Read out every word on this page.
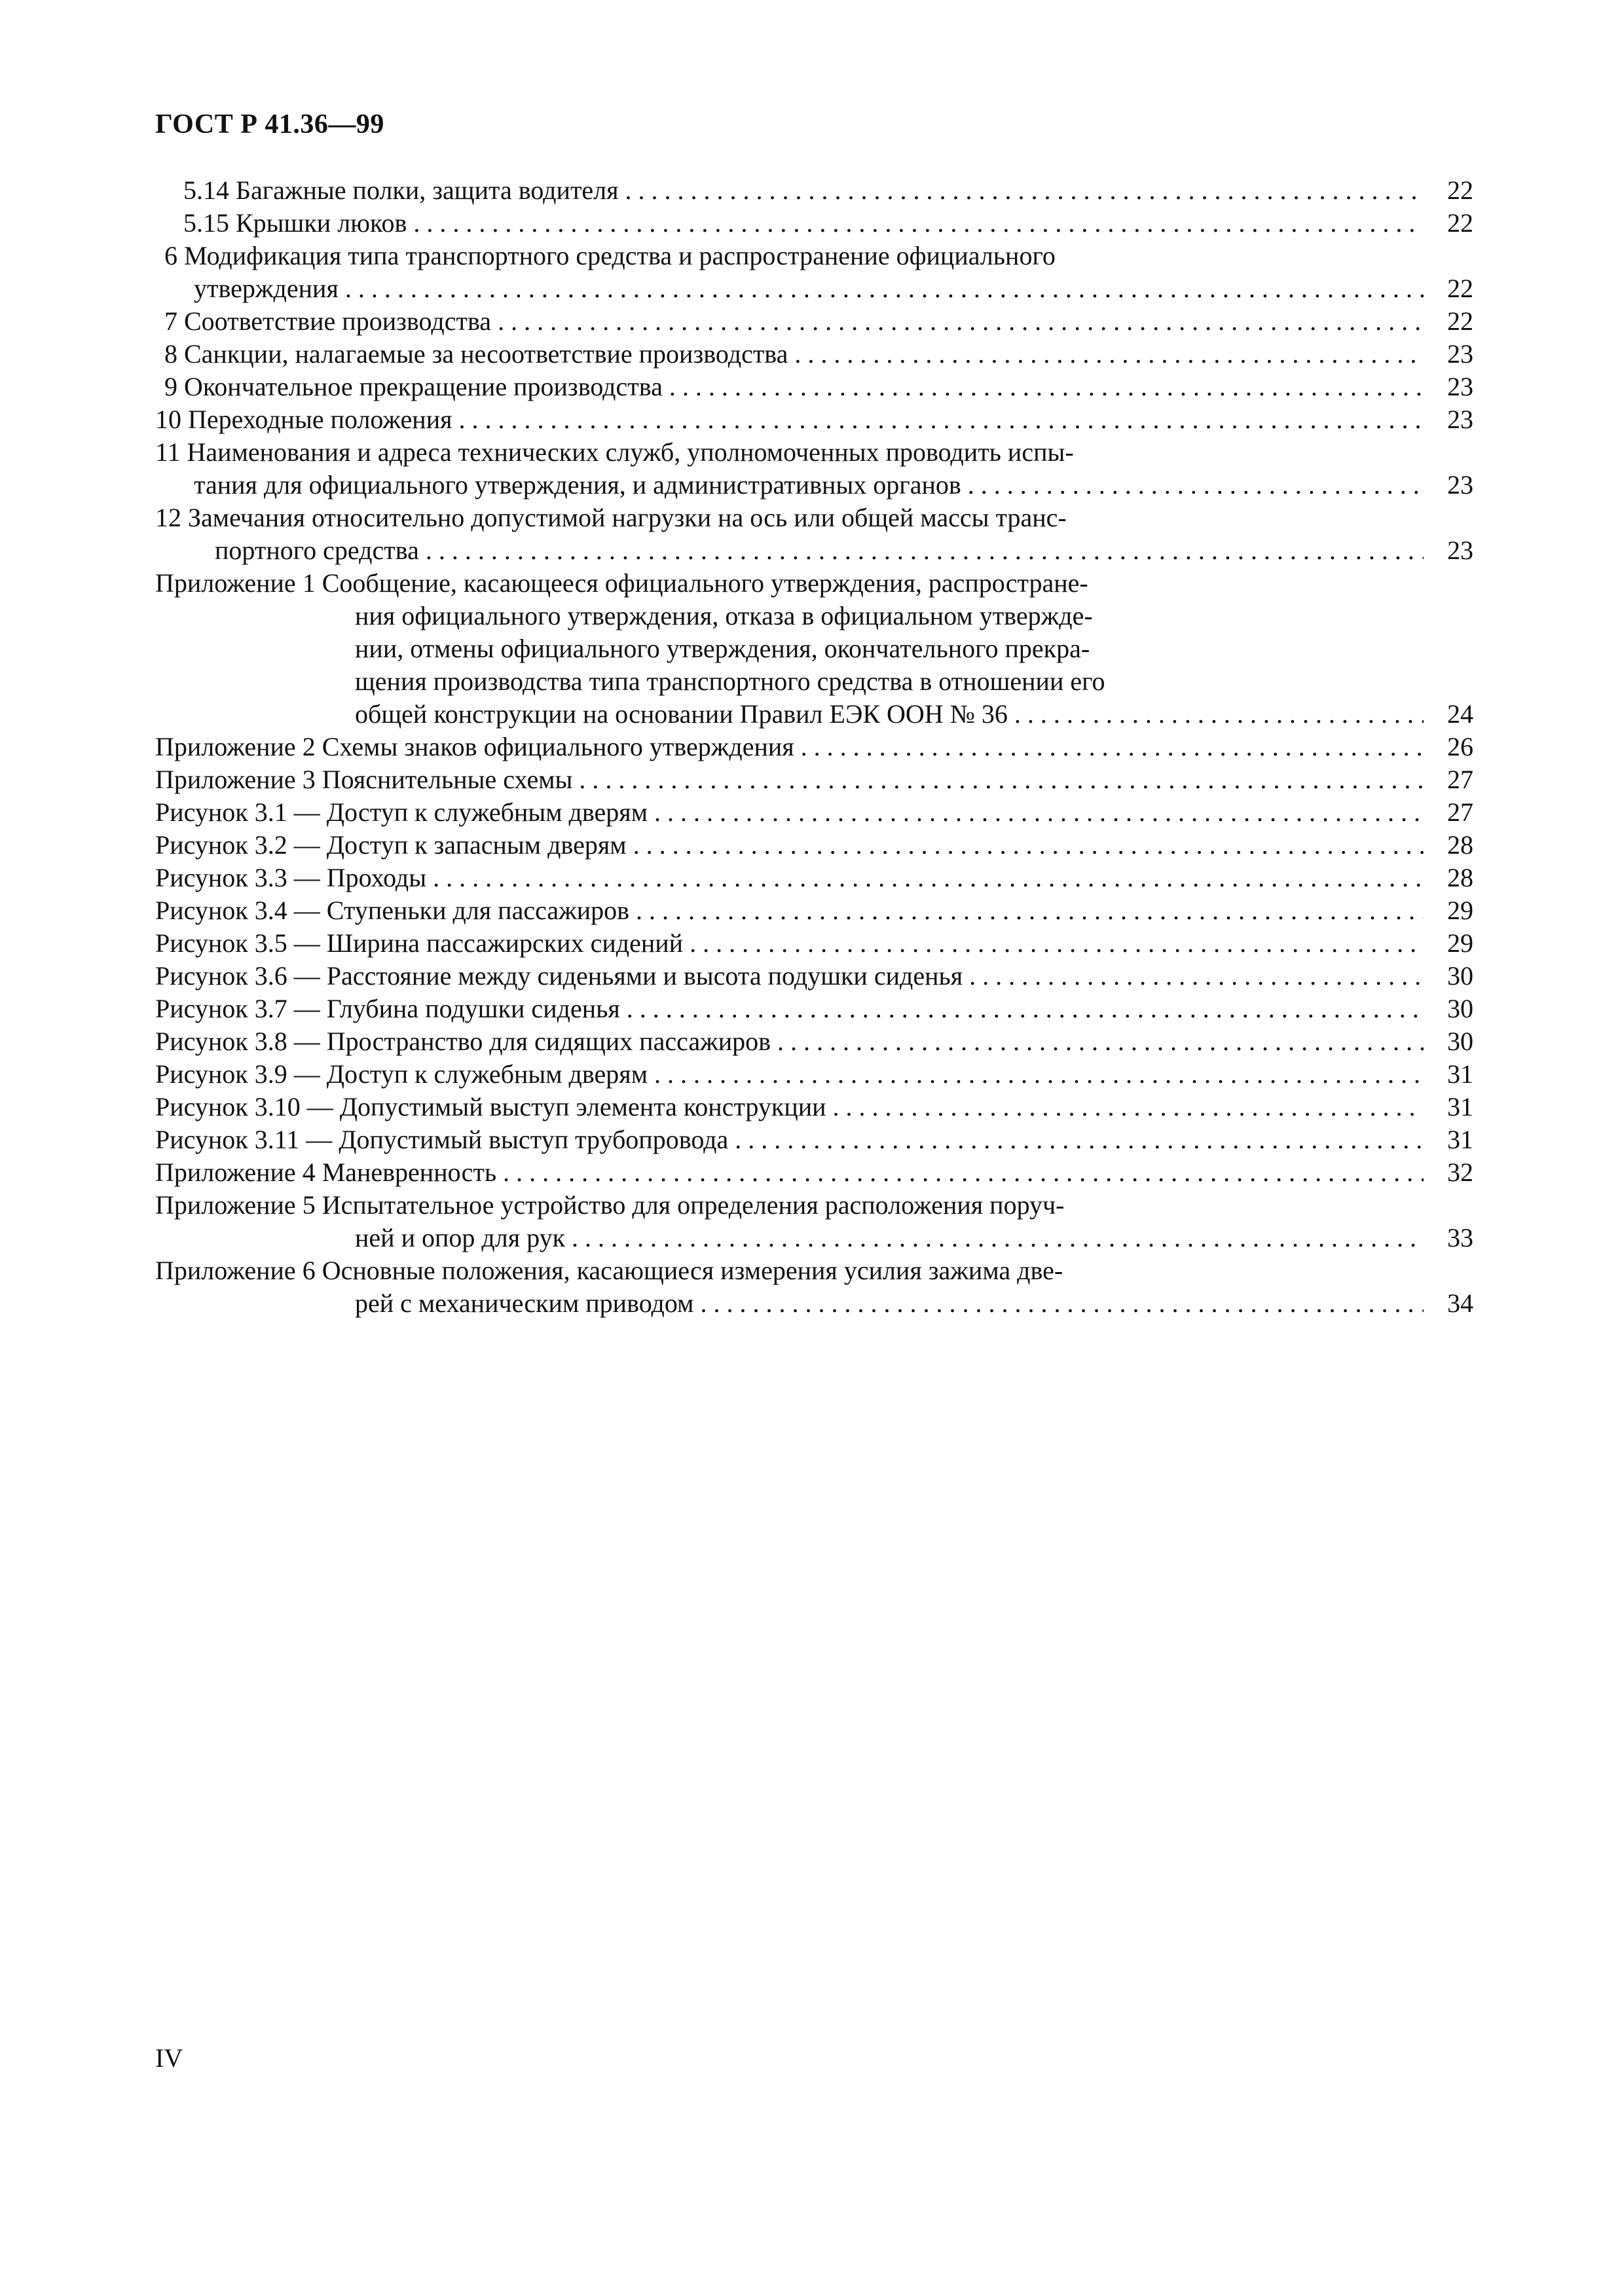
ГОСТ Р 41.36—99
5.14 Багажные полки, защита водителя . . .	22
5.15 Крышки люков . . .	22
6 Модификация типа транспортного средства и распространение официального
утверждения . . .	22
7 Соответствие производства . . .	22
8 Санкции, налагаемые за несоответствие производства . . .	23
9 Окончательное прекращение производства . . .	23
10 Переходные положения . . .	23
11 Наименования и адреса технических служб, уполномоченных проводить испы-
тания для официального утверждения, и административных органов . . .	23
12 Замечания относительно допустимой нагрузки на ось или общей массы транс-
портного средства . . .	23
Приложение 1 Сообщение, касающееся официального утверждения, распростране-
ния официального утверждения, отказа в официальном утвержде-
нии, отмены официального утверждения, окончательного прекра-
щения производства типа транспортного средства в отношении его
общей конструкции на основании Правил ЕЭК ООН № 36 . . .	24
Приложение 2 Схемы знаков официального утверждения . . .	26
Приложение 3 Пояснительные схемы . . .	27
Рисунок 3.1 — Доступ к служебным дверям . . .	27
Рисунок 3.2 — Доступ к запасным дверям . . .	28
Рисунок 3.3 — Проходы . . .	28
Рисунок 3.4 — Ступеньки для пассажиров . . .	29
Рисунок 3.5 — Ширина пассажирских сидений . . .	29
Рисунок 3.6 — Расстояние между сиденьями и высота подушки сиденья . . .	30
Рисунок 3.7 — Глубина подушки сиденья . . .	30
Рисунок 3.8 — Пространство для сидящих пассажиров . . .	30
Рисунок 3.9 — Доступ к служебным дверям . . .	31
Рисунок 3.10 — Допустимый выступ элемента конструкции . . .	31
Рисунок 3.11 — Допустимый выступ трубопровода . . .	31
Приложение 4 Маневренность . . .	32
Приложение 5 Испытательное устройство для определения расположения поруч-
ней и опор для рук . . .	33
Приложение 6 Основные положения, касающиеся измерения усилия зажима две-
рей с механическим приводом . . .	34
IV
